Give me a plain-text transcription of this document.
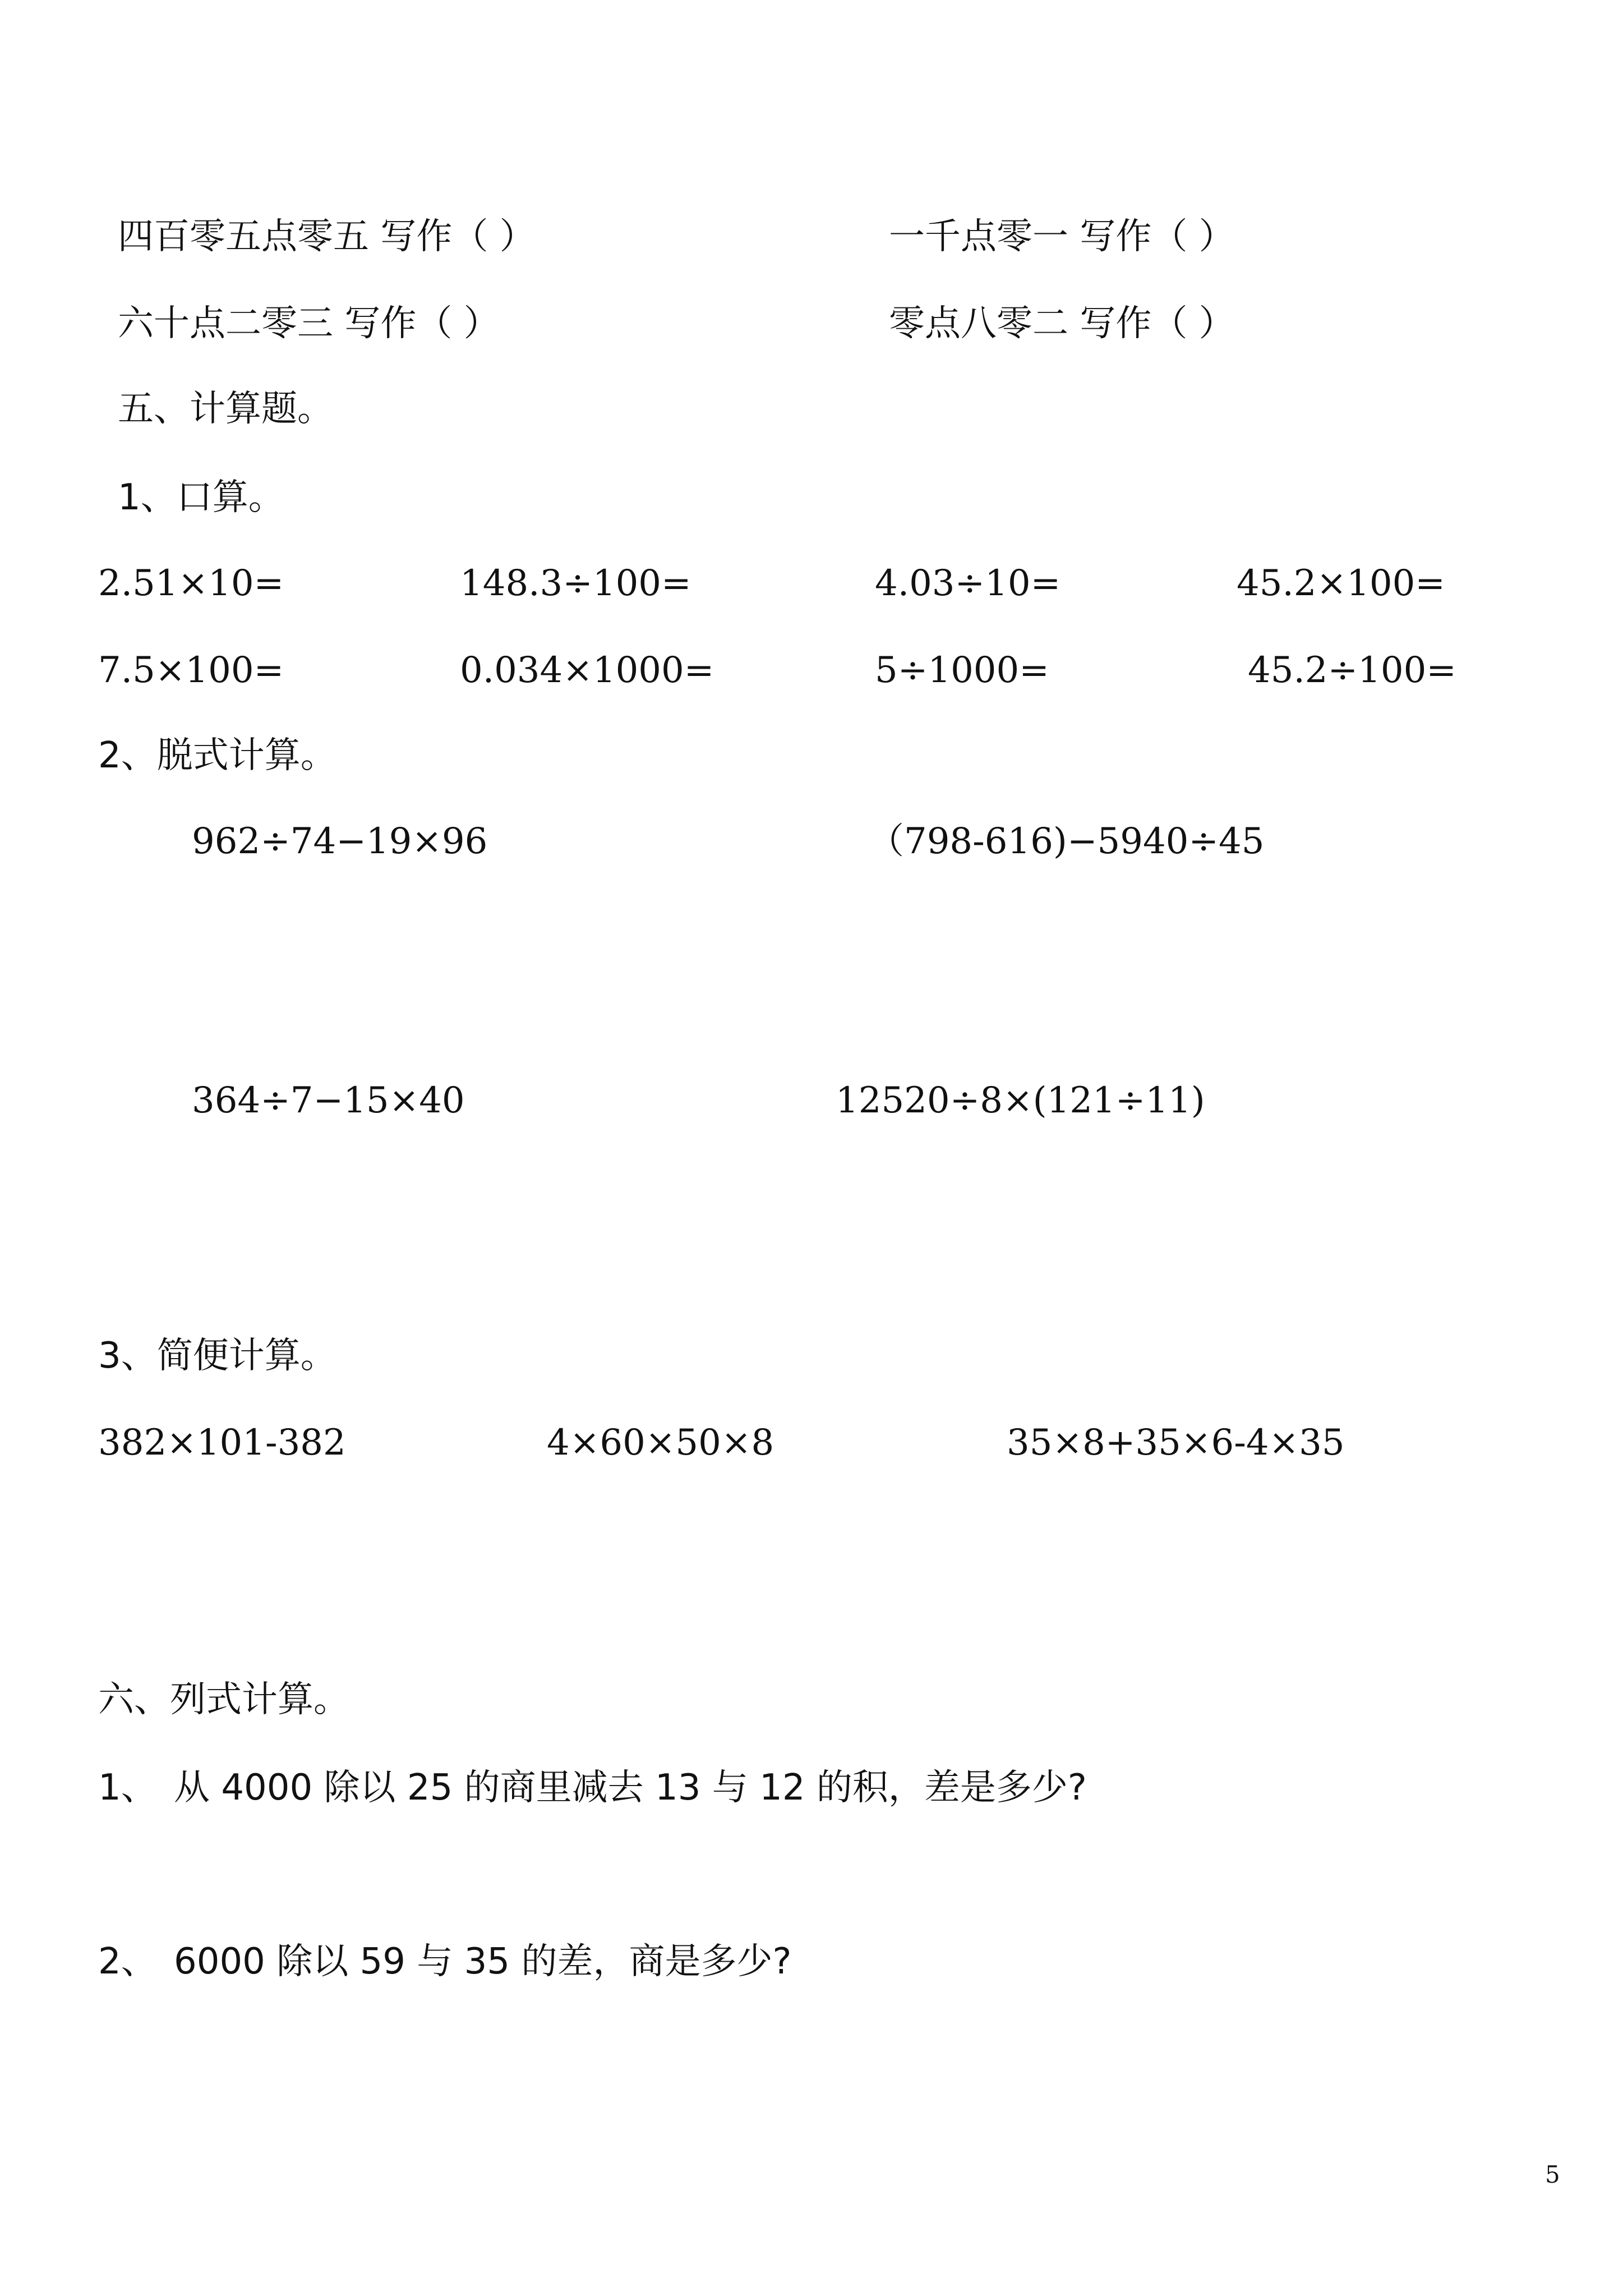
四百零五点零五 写作（ ）	一千点零一 写作（ ）
六十点二零三 写作（ ）	零点八零二 写作（ ）
五、计算题。
1、口算。
2.51×10=	148.3÷100=	4.03÷10=	45.2×100=
7.5×100=	0.034×1000=	5÷1000=	45.2÷100=
2、脱式计算。
962÷74−19×96	（798-616)−5940÷45
364÷7−15×40	12520÷8×(121÷11)
3、简便计算。
382×101-382	4×60×50×8	35×8+35×6-4×35
六、列式计算。
1、 从 4000 除以 25 的商里减去 13 与 12 的积，差是多少?
2、 6000 除以 59 与 35 的差，商是多少?
5
